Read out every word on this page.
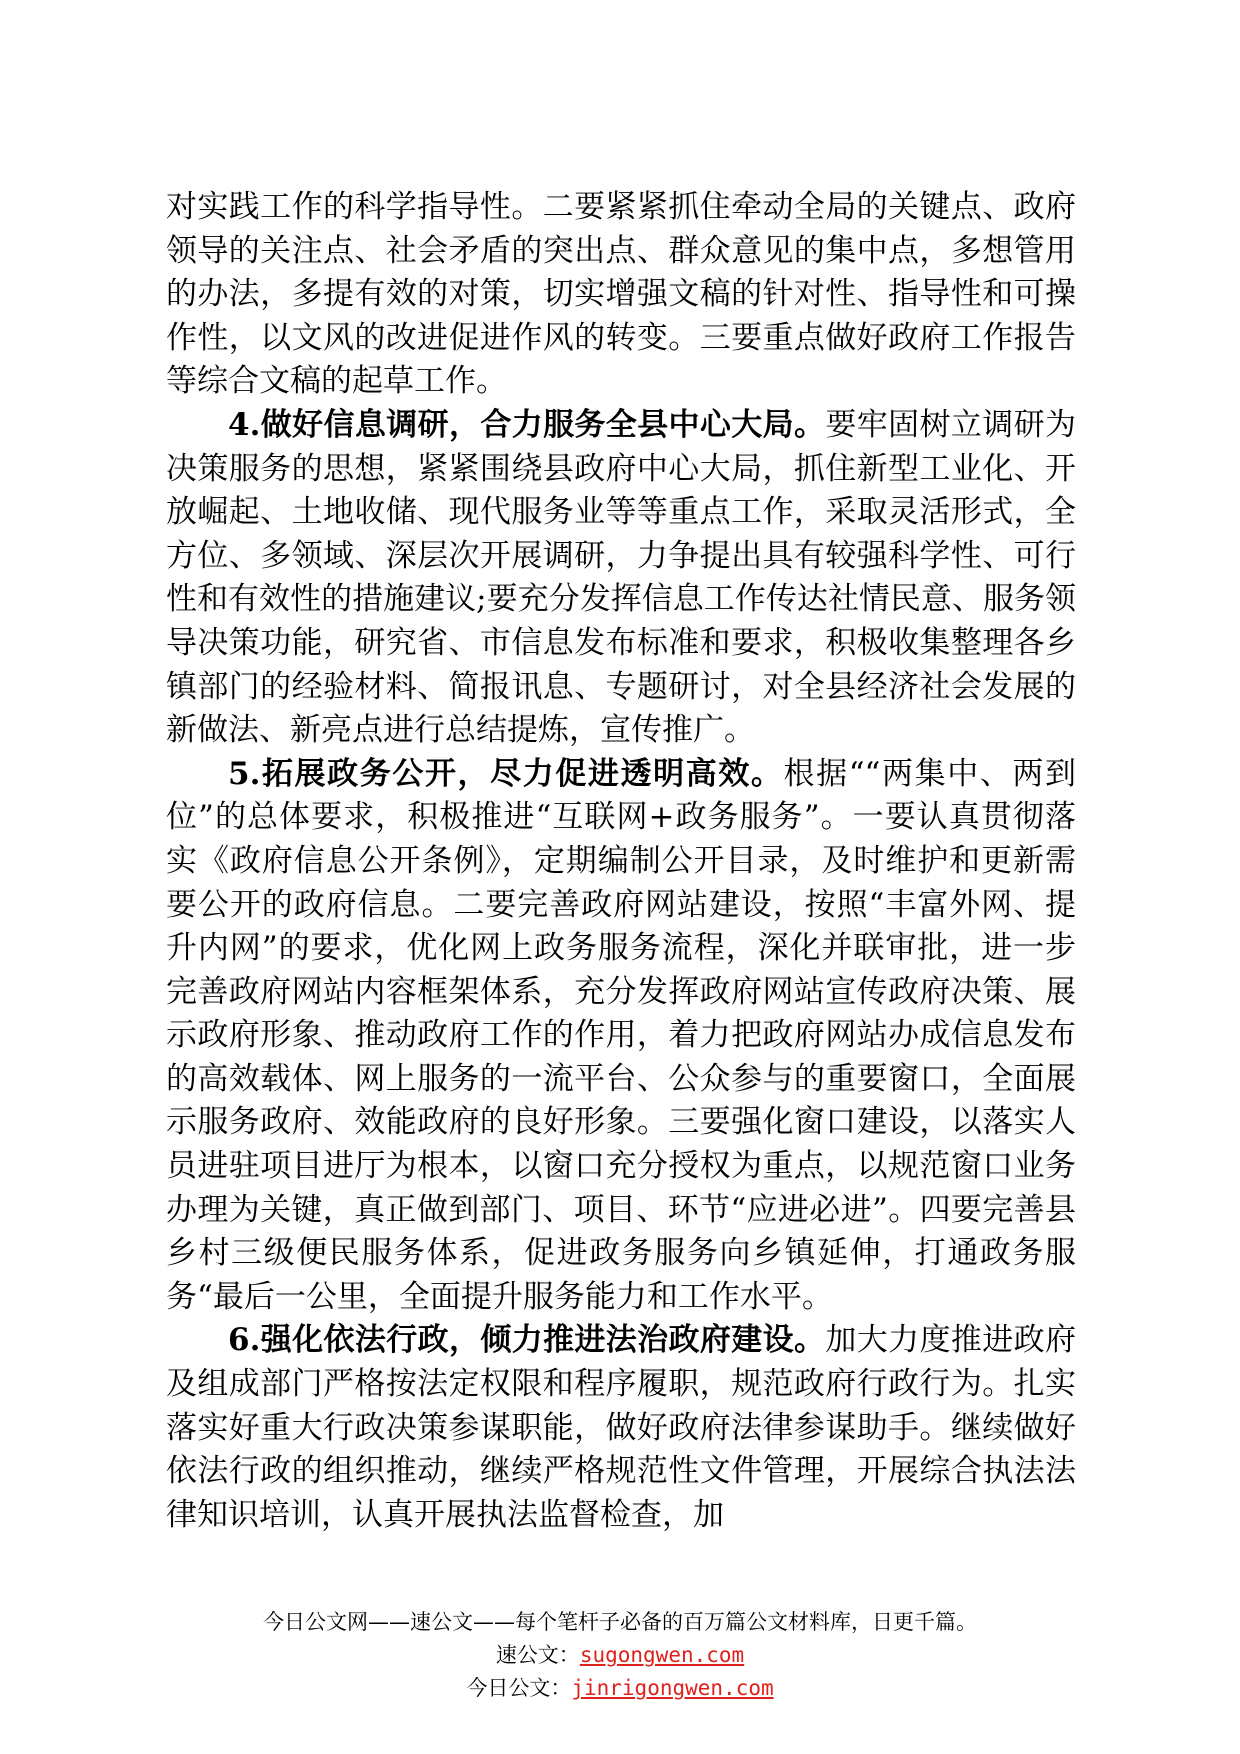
对实践工作的科学指导性。二要紧紧抓住牵动全局的关键点、政府领导的关注点、社会矛盾的突出点、群众意见的集中点，多想管用的办法，多提有效的对策，切实增强文稿的针对性、指导性和可操作性，以文风的改进促进作风的转变。三要重点做好政府工作报告等综合文稿的起草工作。

4.做好信息调研，合力服务全县中心大局。要牢固树立调研为决策服务的思想，紧紧围绕县政府中心大局，抓住新型工业化、开放崛起、土地收储、现代服务业等等重点工作，采取灵活形式，全方位、多领域、深层次开展调研，力争提出具有较强科学性、可行性和有效性的措施建议;要充分发挥信息工作传达社情民意、服务领导决策功能，研究省、市信息发布标准和要求，积极收集整理各乡镇部门的经验材料、简报讯息、专题研讨，对全县经济社会发展的新做法、新亮点进行总结提炼，宣传推广。

5.拓展政务公开，尽力促进透明高效。根据““两集中、两到位”的总体要求，积极推进“互联网+政务服务”。一要认真贯彻落实《政府信息公开条例》，定期编制公开目录，及时维护和更新需要公开的政府信息。二要完善政府网站建设，按照“丰富外网、提升内网”的要求，优化网上政务服务流程，深化并联审批，进一步完善政府网站内容框架体系，充分发挥政府网站宣传政府决策、展示政府形象、推动政府工作的作用，着力把政府网站办成信息发布的高效载体、网上服务的一流平台、公众参与的重要窗口，全面展示服务政府、效能政府的良好形象。三要强化窗口建设，以落实人员进驻项目进厅为根本，以窗口充分授权为重点，以规范窗口业务办理为关键，真正做到部门、项目、环节“应进必进”。四要完善县乡村三级便民服务体系，促进政务服务向乡镇延伸，打通政务服务“最后一公里，全面提升服务能力和工作水平。

6.强化依法行政，倾力推进法治政府建设。加大力度推进政府及组成部门严格按法定权限和程序履职，规范政府行政行为。扎实落实好重大行政决策参谋职能，做好政府法律参谋助手。继续做好依法行政的组织推动，继续严格规范性文件管理，开展综合执法法律知识培训，认真开展执法监督检查，加

今日公文网——速公文——每个笔杆子必备的百万篇公文材料库，日更千篇。
速公文：sugongwen.com
今日公文：jinrigongwen.com
